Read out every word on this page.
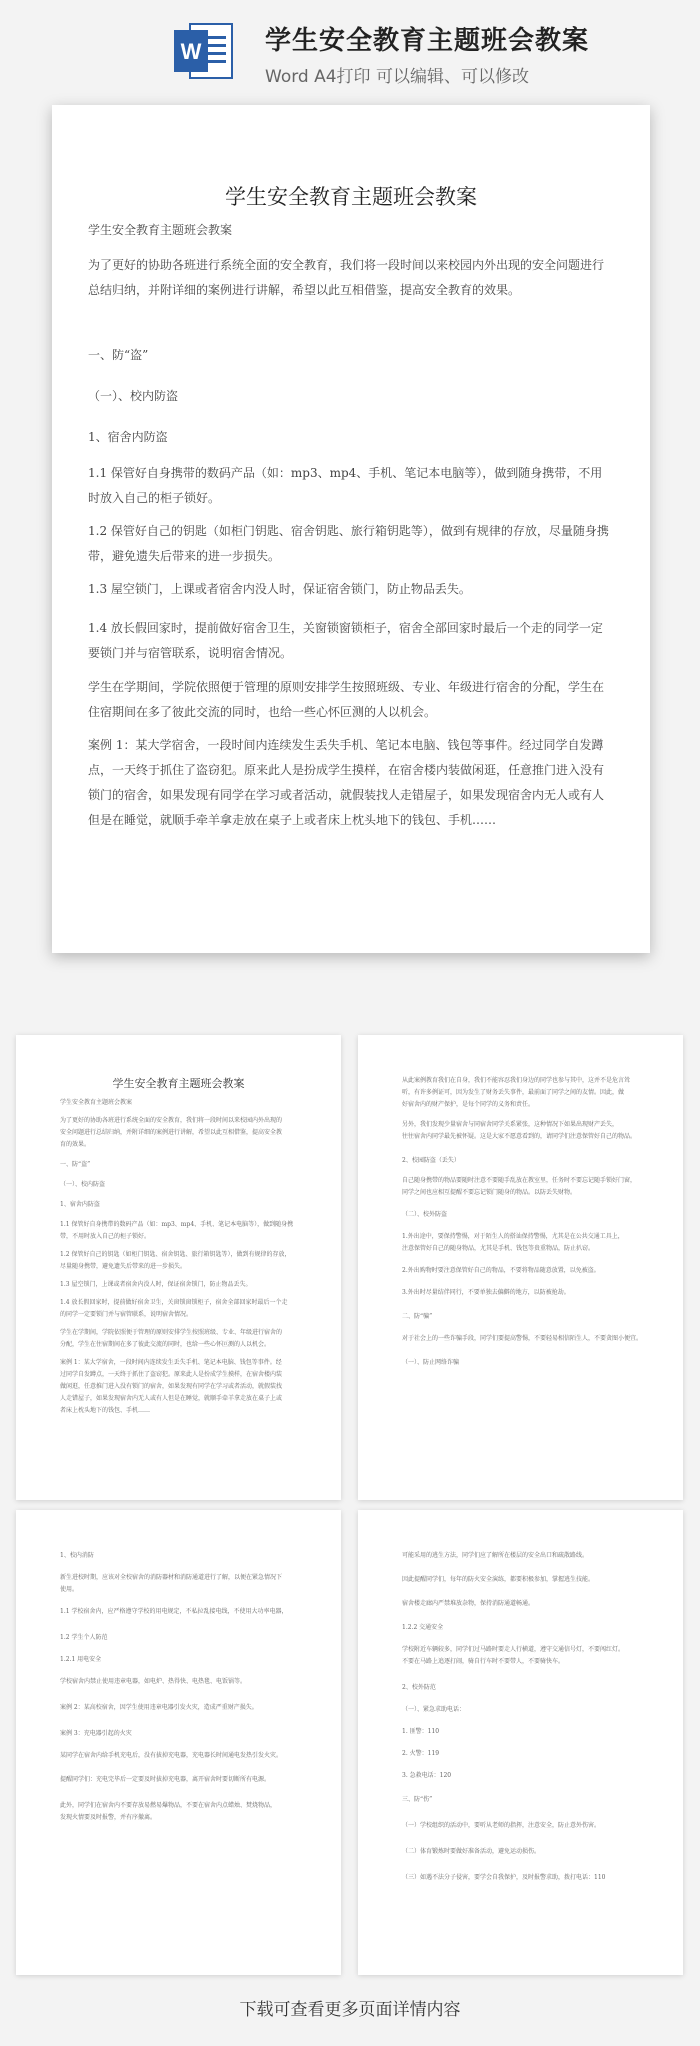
W 学生安全教育主题班会教案
Word A4打印 可以编辑、可以修改
学生安全教育主题班会教案
学生安全教育主题班会教案
为了更好的协助各班进行系统全面的安全教育，我们将一段时间以来校园内外出现的安全问题进行总结归纳，并附详细的案例进行讲解，希望以此互相借鉴，提高安全教育的效果。
一、防“盗”
（一）、校内防盗
1、宿舍内防盗
1.1 保管好自身携带的数码产品（如：mp3、mp4、手机、笔记本电脑等），做到随身携带，不用时放入自己的柜子锁好。
1.2 保管好自己的钥匙（如柜门钥匙、宿舍钥匙、旅行箱钥匙等），做到有规律的存放，尽量随身携带，避免遗失后带来的进一步损失。
1.3 屋空锁门，上课或者宿舍内没人时，保证宿舍锁门，防止物品丢失。
1.4 放长假回家时，提前做好宿舍卫生，关窗锁窗锁柜子，宿舍全部回家时最后一个走的同学一定要锁门并与宿管联系，说明宿舍情况。
学生在学期间，学院依照便于管理的原则安排学生按照班级、专业、年级进行宿舍的分配，学生在住宿期间在多了彼此交流的同时，也给一些心怀叵测的人以机会。
案例 1：某大学宿舍，一段时间内连续发生丢失手机、笔记本电脑、钱包等事件。经过同学自发蹲点，一天终于抓住了盗窃犯。原来此人是扮成学生摸样，在宿舍楼内装做闲逛，任意推门进入没有锁门的宿舍，如果发现有同学在学习或者活动，就假装找人走错屋子，如果发现宿舍内无人或有人但是在睡觉，就顺手牵羊拿走放在桌子上或者床上枕头地下的钱包、手机……
学生安全教育主题班会教案
学生安全教育主题班会教案
为了更好的协助各班进行系统全面的安全教育，我们将一段时间以来校园内外出现的
安全问题进行总结归纳，并附详细的案例进行讲解，希望以此互相借鉴，提高安全教
育的效果。
一、防“盗”
（一）、校内防盗
1、宿舍内防盗
1.1 保管好自身携带的数码产品（如：mp3、mp4、手机、笔记本电脑等），做到随身携
带，不用时放入自己的柜子锁好。
1.2 保管好自己的钥匙（如柜门钥匙、宿舍钥匙、旅行箱钥匙等），做到有规律的存放，
尽量随身携带，避免遗失后带来的进一步损失。
1.3 屋空锁门，上课或者宿舍内没人时，保证宿舍锁门，防止物品丢失。
1.4 放长假回家时，提前做好宿舍卫生，关窗锁窗锁柜子，宿舍全部回家时最后一个走
的同学一定要锁门并与宿管联系，说明宿舍情况。
学生在学期间，学院依照便于管理的原则安排学生按照班级、专业、年级进行宿舍的
分配，学生在住宿期间在多了彼此交流的同时，也给一些心怀叵测的人以机会。
案例 1：某大学宿舍，一段时间内连续发生丢失手机、笔记本电脑、钱包等事件。经
过同学自发蹲点，一天终于抓住了盗窃犯。原来此人是扮成学生摸样，在宿舍楼内装
做闲逛，任意推门进入没有锁门的宿舍，如果发现有同学在学习或者活动，就假装找
人走错屋子，如果发现宿舍内无人或有人但是在睡觉，就顺手牵羊拿走放在桌子上或
者床上枕头地下的钱包、手机……
从此案例教育我们在自身，我们不能容忍我们身边的同学也参与其中，这并不是危言耸
听，有许多例证可，因为发生了财务丢失事件，最前面了同学之间的友情。因此，做
好宿舍内的财产保护，是每个同学的义务和责任。
另外，我们发现少量宿舍与同宿舍同学关系紧张，这种情况下如果出现财产丢失，
往往宿舍内同学最先被怀疑。这是大家不愿意看到的，请同学们注意保管好自己的物品。
2、校园防盗（丢失）
自己随身携带的物品要随时注意不要随手乱放在教室里，任务时不要忘记随手锁好门窗，
同学之间也应相互提醒不要忘记锁门随身的物品。以防丢失财物。
（二）、校外防盗
1.外出途中，要保持警惕，对于陌生人的搭讪保持警惕，尤其是在公共交通工具上，
注意保管好自己的随身物品，尤其是手机、钱包等贵重物品，防止扒窃。
2.外出购物时要注意保管好自己的物品，不要将物品随意放置，以免被盗。
3.外出时尽量结伴同行，不要单独去偏僻的地方，以防被抢劫。
二、防“骗”
对于社会上的一些诈骗手段，同学们要提高警惕，不要轻易相信陌生人，不要贪图小便宜。
（一）、防止网络诈骗
1、校内消防
新生进校时期，应该对全校宿舍的消防器材和消防通道进行了解，以便在紧急情况下
使用。
1.1 学校宿舍内，应严格遵守学校的用电规定，不私拉乱接电线，不使用大功率电器，
1.2 学生个人防范
1.2.1 用电安全
学校宿舍内禁止使用违章电器，如电炉、热得快、电热毯、电饭锅等。
案例 2：某高校宿舍，因学生使用违章电器引发火灾，造成严重财产损失。
案例 3：充电器引起的火灾
某同学在宿舍内给手机充电后，没有拔掉充电器，充电器长时间通电发热引发火灾。
提醒同学们：充电完毕后一定要及时拔掉充电器，离开宿舍时要切断所有电源。
此外，同学们在宿舍内不要存放易燃易爆物品，不要在宿舍内点蜡烛、焚烧物品，
发现火情要及时报警，并有序撤离。
可能采用的逃生方法，同学们应了解所在楼层的安全出口和疏散路线。
因此提醒同学们，每年的防火安全演练，都要积极参加，掌握逃生技能。
宿舍楼走廊内严禁堆放杂物，保持消防通道畅通。
1.2.2 交通安全
学校附近车辆较多，同学们过马路时要走人行横道，遵守交通信号灯，不要闯红灯。
不要在马路上追逐打闹，骑自行车时不要带人，不要骑快车。
2、校外防范
（一）、紧急求助电话：
1. 匪警：110
2. 火警：119
3. 急救电话：120
三、防“伤”
（一）学校组织的活动中，要听从老师的指挥，注意安全，防止意外伤害。
（二）体育锻炼时要做好准备活动，避免运动损伤。
（三）如遇不法分子侵害，要学会自我保护，及时报警求助，拨打电话：110
下载可查看更多页面详情内容
